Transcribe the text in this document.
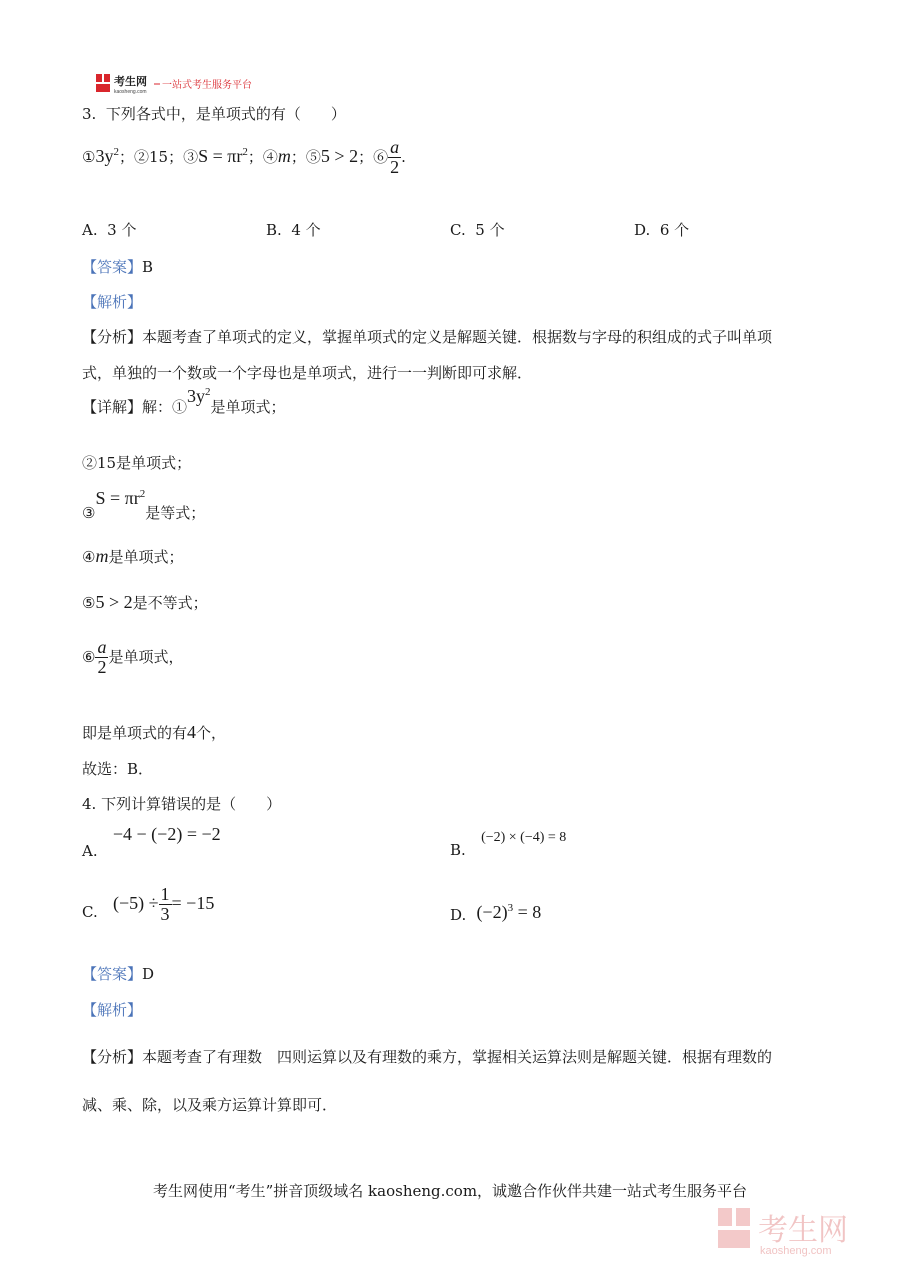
考生网
kaosheng.com
一站式考生服务平台
3. 下列各式中，是单项式的有（　　）
$①3y^2$；②15；③S = $\pi r^2$；④m；⑤5 > 2；⑥ $\frac{a}{2}$ .
A. 3 个	B. 4 个	C. 5 个	D. 6 个
【答案】B
【解析】
【分析】本题考查了单项式的定义，掌握单项式的定义是解题关键．根据数与字母的积组成的式子叫单项
式，单独的一个数或一个字母也是单项式，进行一一判断即可求解．
【详解】解：$①3y^2$是单项式；
②15是单项式；
③S = $\pi r^2$是等式；
④m是单项式；
⑤5 > 2是不等式；
⑥ $\frac{a}{2}$ 是单项式，
即是单项式的有4个，
故选：B．
4. 下列计算错误的是（　　）
A.   −4 − (−2) = −2
B.   (−2) × (−4) = 8
C. $(-5) \div \frac{1}{3} = -15$
D. $(-2)^3 = 8$
【答案】D
【解析】
【分析】本题考查了有理数　四则运算以及有理数的乘方，掌握相关运算法则是解题关键．根据有理数的
减、乘、除，以及乘方运算计算即可．
考生网使用“考生”拼音顶级域名 kaosheng.com，诚邀合作伙伴共建一站式考生服务平台
考生网
kaosheng.com
